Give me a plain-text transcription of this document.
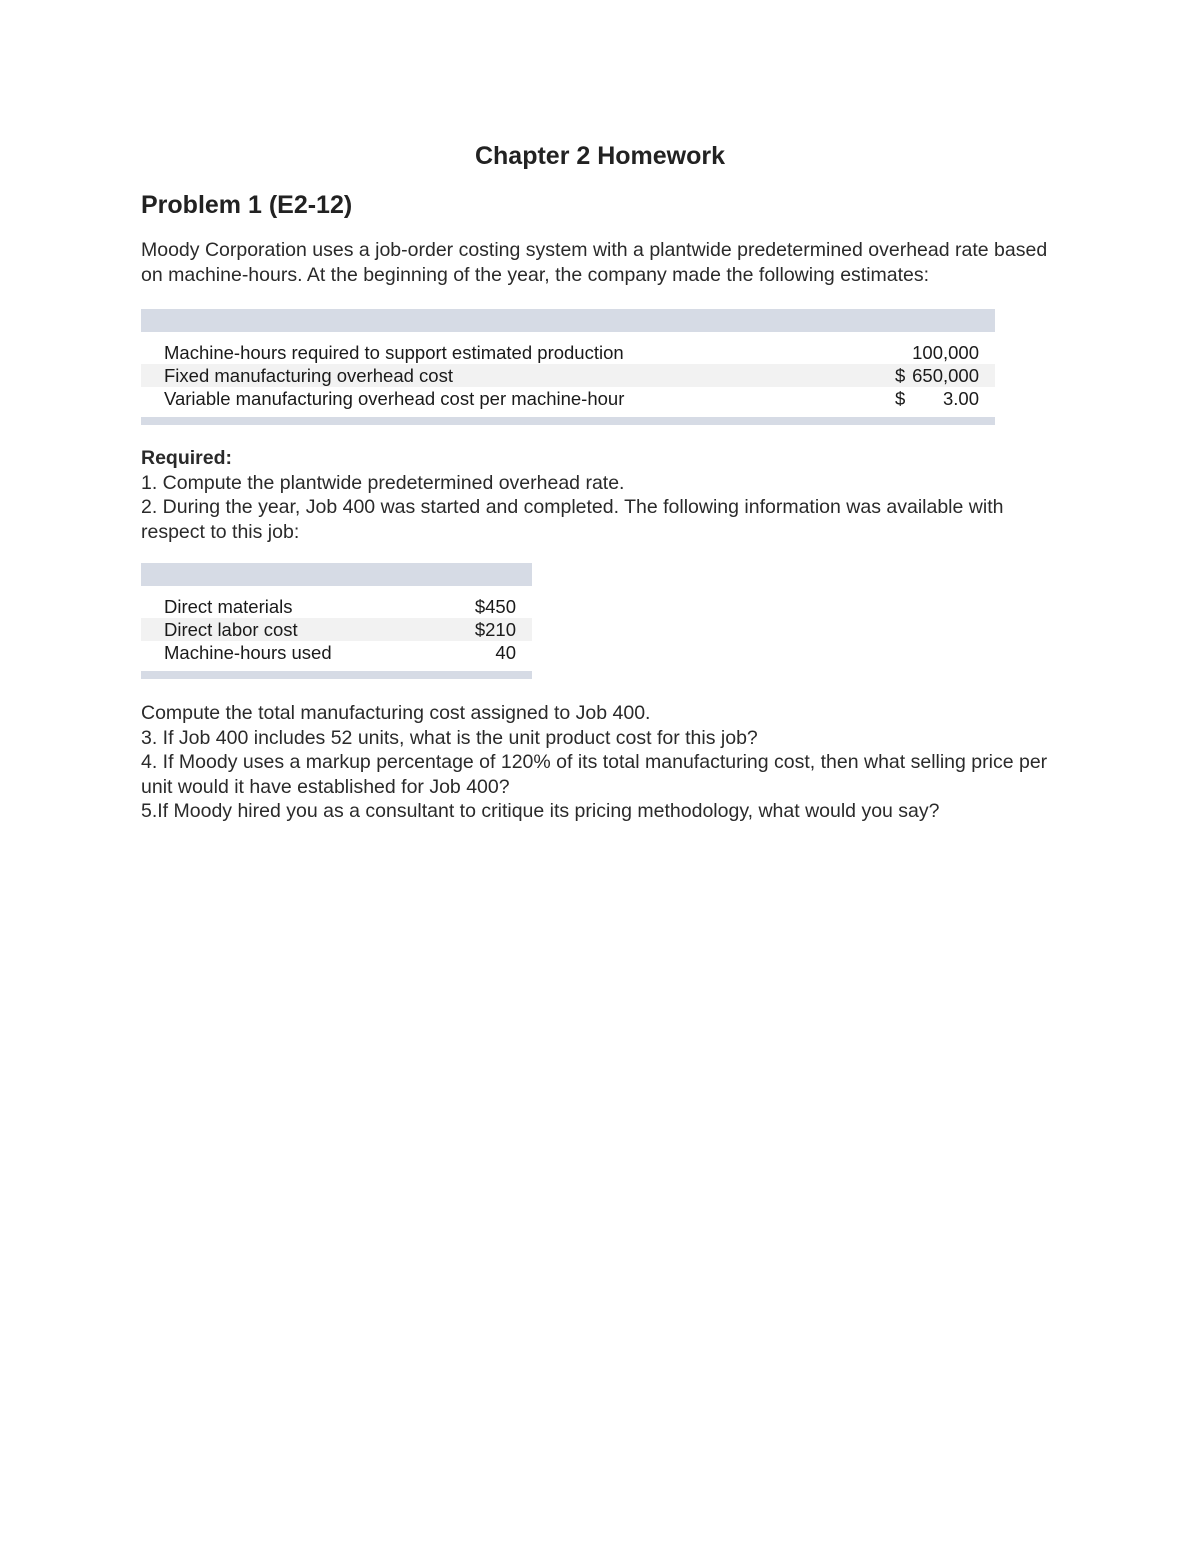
Chapter 2 Homework
Problem 1 (E2-12)
Moody Corporation uses a job-order costing system with a plantwide predetermined overhead rate based on machine-hours. At the beginning of the year, the company made the following estimates:
Machine-hours required to support estimated production	100,000
Fixed manufacturing overhead cost	$ 650,000
Variable manufacturing overhead cost per machine-hour	$ 3.00
Required:
1. Compute the plantwide predetermined overhead rate.
2. During the year, Job 400 was started and completed. The following information was available with respect to this job:
Direct materials	$450
Direct labor cost	$210
Machine-hours used	40
Compute the total manufacturing cost assigned to Job 400.
3. If Job 400 includes 52 units, what is the unit product cost for this job?
4. If Moody uses a markup percentage of 120% of its total manufacturing cost, then what selling price per unit would it have established for Job 400?
5.If Moody hired you as a consultant to critique its pricing methodology, what would you say?
